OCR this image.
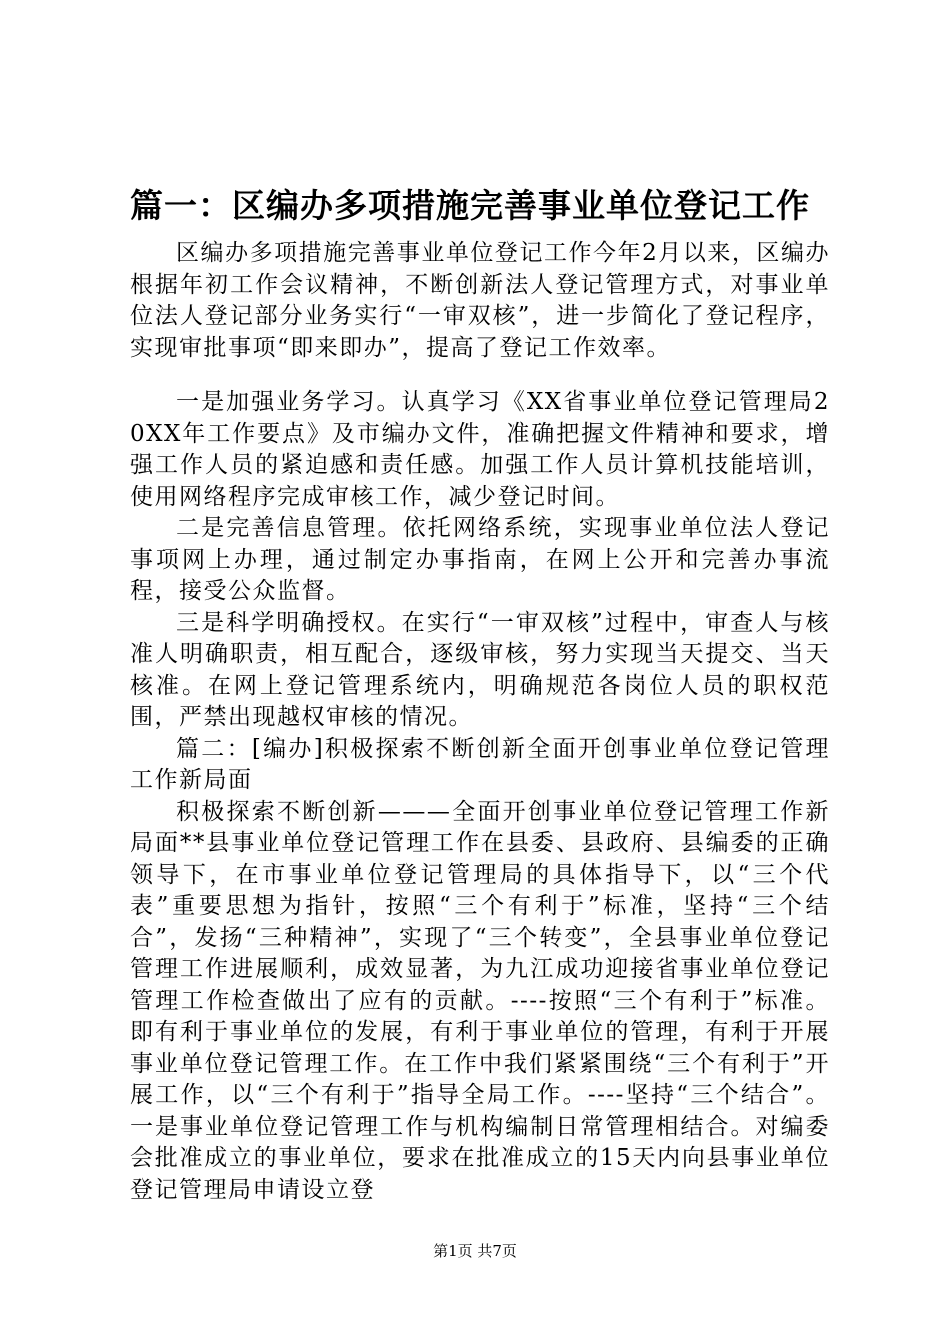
篇一：区编办多项措施完善事业单位登记工作

区编办多项措施完善事业单位登记工作今年2月以来，区编办根据年初工作会议精神，不断创新法人登记管理方式，对事业单位法人登记部分业务实行“一审双核”，进一步简化了登记程序，实现审批事项“即来即办”，提高了登记工作效率。

一是加强业务学习。认真学习《XX省事业单位登记管理局20XX年工作要点》及市编办文件，准确把握文件精神和要求，增强工作人员的紧迫感和责任感。加强工作人员计算机技能培训，使用网络程序完成审核工作，减少登记时间。

二是完善信息管理。依托网络系统，实现事业单位法人登记事项网上办理，通过制定办事指南，在网上公开和完善办事流程，接受公众监督。

三是科学明确授权。在实行“一审双核”过程中，审查人与核准人明确职责，相互配合，逐级审核，努力实现当天提交、当天核准。在网上登记管理系统内，明确规范各岗位人员的职权范围，严禁出现越权审核的情况。

篇二：[编办]积极探索不断创新全面开创事业单位登记管理工作新局面

积极探索不断创新———全面开创事业单位登记管理工作新局面**县事业单位登记管理工作在县委、县政府、县编委的正确领导下，在市事业单位登记管理局的具体指导下，以“三个代表”重要思想为指针，按照“三个有利于”标准，坚持“三个结合”，发扬“三种精神”，实现了“三个转变”，全县事业单位登记管理工作进展顺利，成效显著，为九江成功迎接省事业单位登记管理工作检查做出了应有的贡献。----按照“三个有利于”标准。即有利于事业单位的发展，有利于事业单位的管理，有利于开展事业单位登记管理工作。在工作中我们紧紧围绕“三个有利于”开展工作，以“三个有利于”指导全局工作。----坚持“三个结合”。一是事业单位登记管理工作与机构编制日常管理相结合。对编委会批准成立的事业单位，要求在批准成立的15天内向县事业单位登记管理局申请设立登

第1页 共7页
